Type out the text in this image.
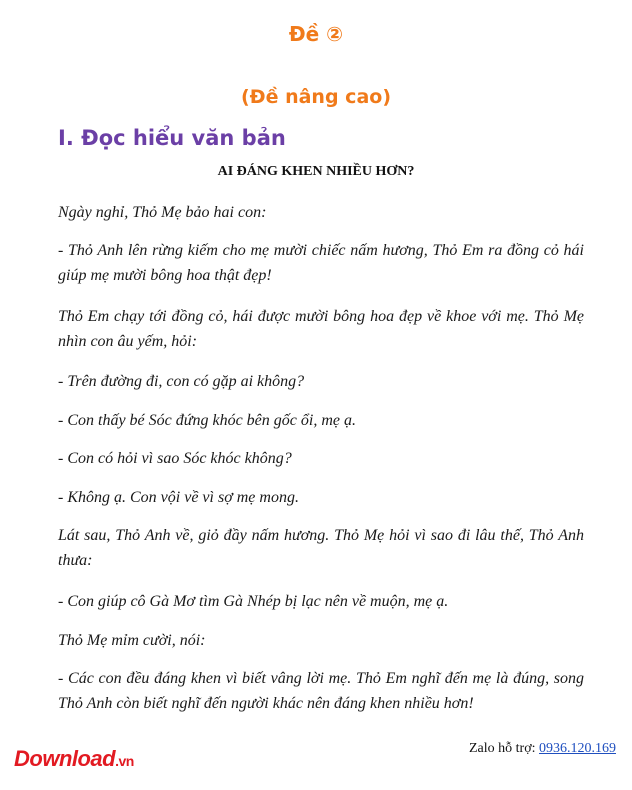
Đề ②
(Đề nâng cao)
I. Đọc hiểu văn bản
AI ĐÁNG KHEN NHIỀU HƠN?
Ngày nghỉ, Thỏ Mẹ bảo hai con:
- Thỏ Anh lên rừng kiếm cho mẹ mười chiếc nấm hương, Thỏ Em ra đồng cỏ hái giúp mẹ mười bông hoa thật đẹp!
Thỏ Em chạy tới đồng cỏ, hái được mười bông hoa đẹp về khoe với mẹ. Thỏ Mẹ nhìn con âu yếm, hỏi:
- Trên đường đi, con có gặp ai không?
- Con thấy bé Sóc đứng khóc bên gốc ổi, mẹ ạ.
- Con có hỏi vì sao Sóc khóc không?
- Không ạ. Con vội về vì sợ mẹ mong.
Lát sau, Thỏ Anh về, giỏ đầy nấm hương. Thỏ Mẹ hỏi vì sao đi lâu thế, Thỏ Anh thưa:
- Con giúp cô Gà Mơ tìm Gà Nhép bị lạc nên về muộn, mẹ ạ.
Thỏ Mẹ mỉm cười, nói:
- Các con đều đáng khen vì biết vâng lời mẹ. Thỏ Em nghĩ đến mẹ là đúng, song Thỏ Anh còn biết nghĩ đến người khác nên đáng khen nhiều hơn!
Download.vn
Zalo hỗ trợ: 0936.120.169
